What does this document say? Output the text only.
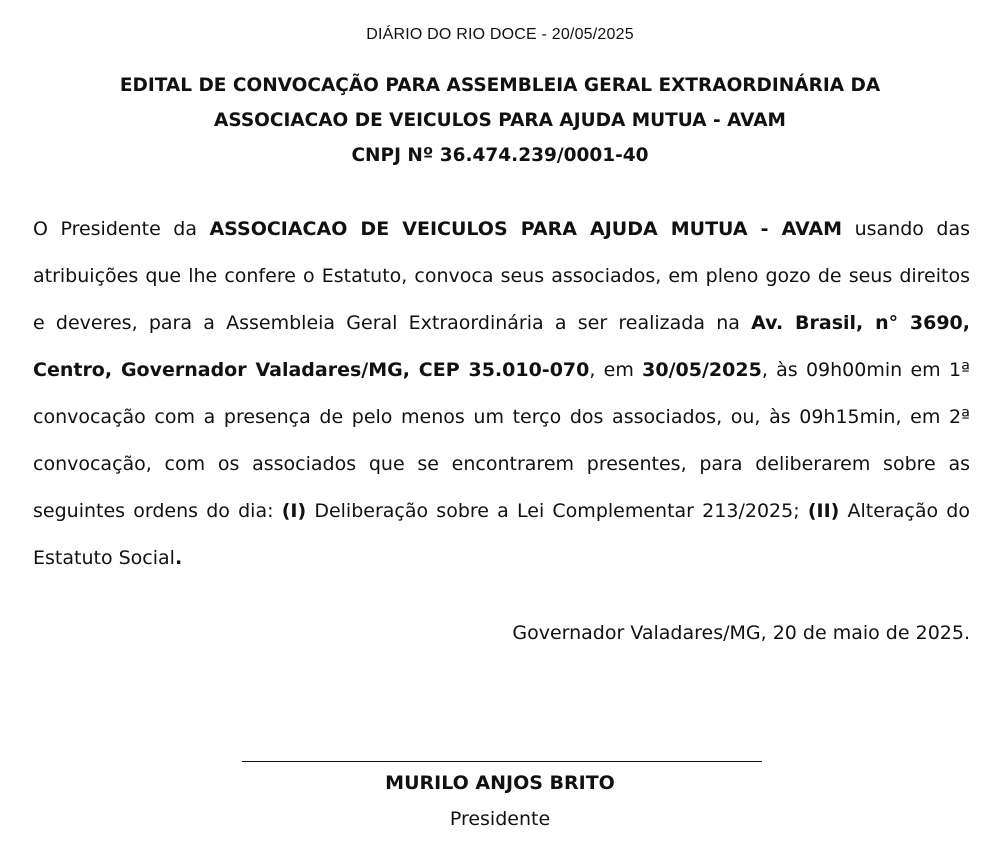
DIÁRIO DO RIO DOCE - 20/05/2025
EDITAL DE CONVOCAÇÃO PARA ASSEMBLEIA GERAL EXTRAORDINÁRIA DA
ASSOCIACAO DE VEICULOS PARA AJUDA MUTUA - AVAM
CNPJ Nº 36.474.239/0001-40
O Presidente da ASSOCIACAO DE VEICULOS PARA AJUDA MUTUA - AVAM usando das atribuições que lhe confere o Estatuto, convoca seus associados, em pleno gozo de seus direitos e deveres, para a Assembleia Geral Extraordinária a ser realizada na Av. Brasil, n° 3690, Centro, Governador Valadares/MG, CEP 35.010-070, em 30/05/2025, às 09h00min em 1ª convocação com a presença de pelo menos um terço dos associados, ou, às 09h15min, em 2ª convocação, com os associados que se encontrarem presentes, para deliberarem sobre as seguintes ordens do dia: (I) Deliberação sobre a Lei Complementar 213/2025; (II) Alteração do Estatuto Social.
Governador Valadares/MG, 20 de maio de 2025.
MURILO ANJOS BRITO
Presidente
